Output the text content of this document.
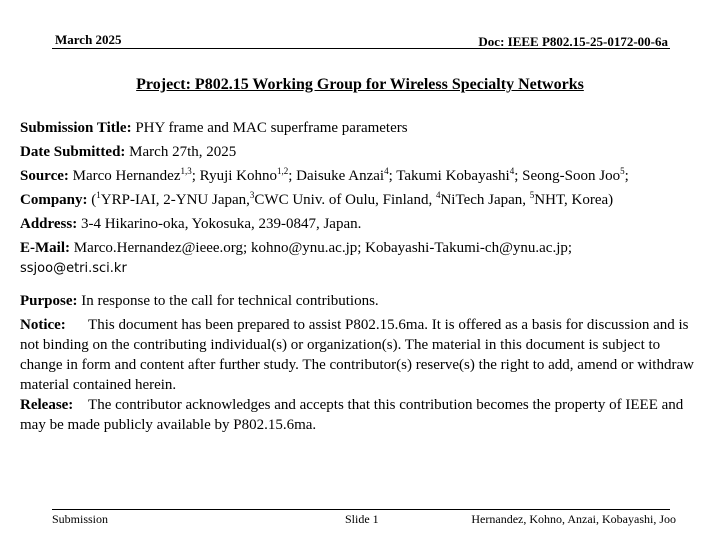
March 2025	Doc: IEEE P802.15-25-0172-00-6a
Project: P802.15 Working Group for Wireless Specialty Networks
Submission Title: PHY frame and MAC superframe parameters
Date Submitted: March 27th, 2025
Source: Marco Hernandez$^{1,3}$; Ryuji Kohno$^{1,2}$; Daisuke Anzai$^4$; Takumi Kobayashi$^4$; Seong-Soon Joo$^5$;
Company: ($^1$YRP-IAI, 2-YNU Japan,$^3$CWC Univ. of Oulu, Finland, $^4$NiTech Japan, $^5$NHT, Korea)
Address: 3-4 Hikarino-oka, Yokosuka, 239-0847, Japan.
E-Mail: Marco.Hernandez@ieee.org; kohno@ynu.ac.jp; Kobayashi-Takumi-ch@ynu.ac.jp;
ssjoo@etri.sci.kr
Purpose: In response to the call for technical contributions.
Notice: This document has been prepared to assist P802.15.6ma. It is offered as a basis for discussion and is not binding on the contributing individual(s) or organization(s). The material in this document is subject to change in form and content after further study. The contributor(s) reserve(s) the right to add, amend or withdraw material contained herein.
Release: The contributor acknowledges and accepts that this contribution becomes the property of IEEE and may be made publicly available by P802.15.6ma.
Submission	Slide 1	Hernandez, Kohno, Anzai, Kobayashi, Joo
